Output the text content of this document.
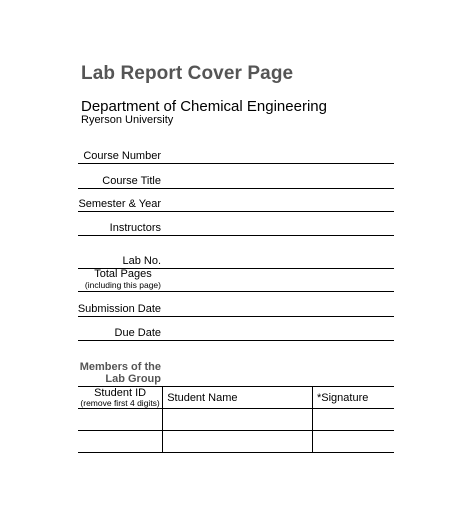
Lab Report Cover Page
Department of Chemical Engineering
Ryerson University
Course Number
Course Title
Semester & Year
Instructors
Lab No.
Total Pages
(including this page)
Submission Date
Due Date
Members of the
Lab Group
Student ID
(remove first 4 digits)	Student Name	*Signature
